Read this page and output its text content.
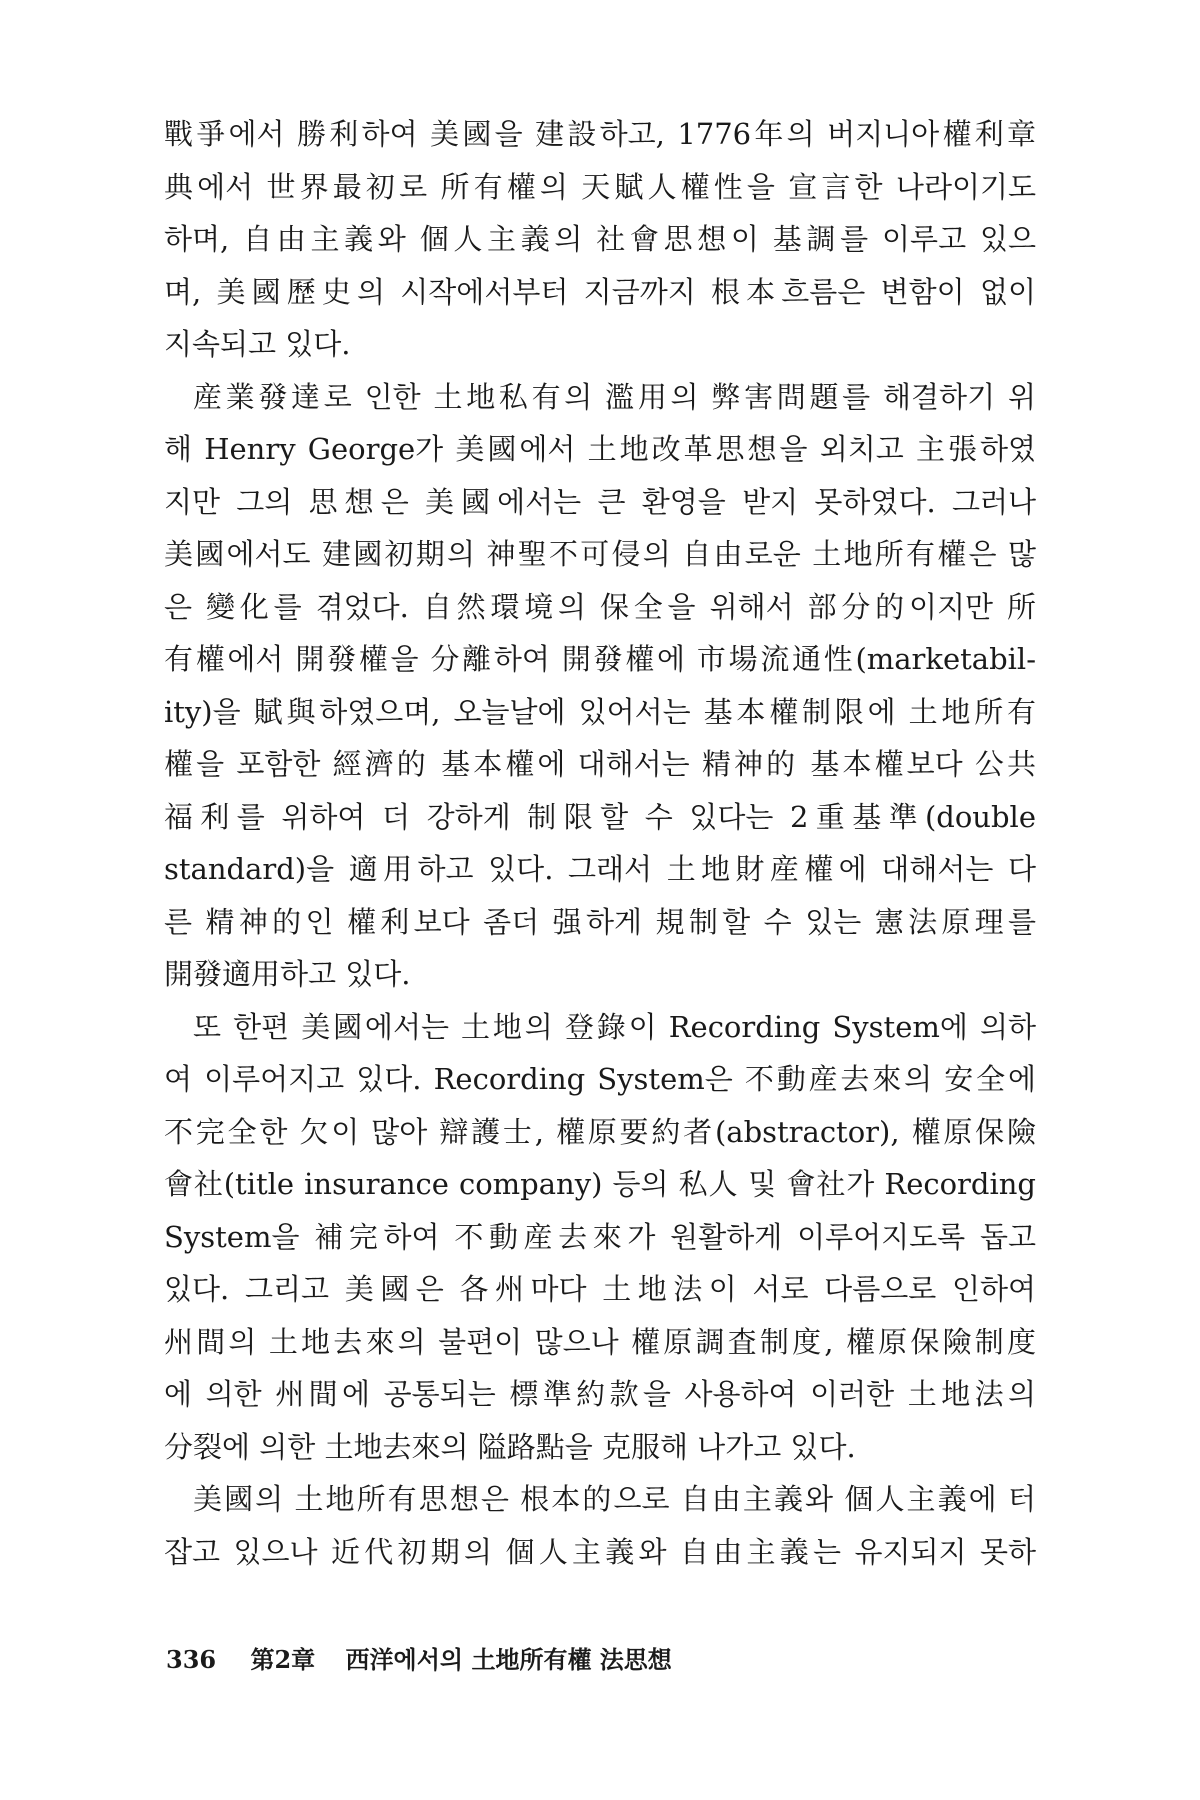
戰爭에서 勝利하여 美國을 建設하고, 1776年의 버지니아權利章
典에서 世界最初로 所有權의 天賦人權性을 宣言한 나라이기도
하며, 自由主義와 個人主義의 社會思想이 基調를 이루고 있으
며, 美國歷史의 시작에서부터 지금까지 根本흐름은 변함이 없이
지속되고 있다.
産業發達로 인한 土地私有의 濫用의 弊害問題를 해결하기 위
해 Henry George가 美國에서 土地改革思想을 외치고 主張하였
지만 그의 思想은 美國에서는 큰 환영을 받지 못하였다. 그러나
美國에서도 建國初期의 神聖不可侵의 自由로운 土地所有權은 많
은 變化를 겪었다. 自然環境의 保全을 위해서 部分的이지만 所
有權에서 開發權을 分離하여 開發權에 市場流通性(marketabil-
ity)을 賦與하였으며, 오늘날에 있어서는 基本權制限에 土地所有
權을 포함한 經濟的 基本權에 대해서는 精神的 基本權보다 公共
福利를 위하여 더 강하게 制限할 수 있다는 2重基準(double
standard)을 適用하고 있다. 그래서 土地財産權에 대해서는 다
른 精神的인 權利보다 좀더 强하게 規制할 수 있는 憲法原理를
開發適用하고 있다.
또 한편 美國에서는 土地의 登錄이 Recording System에 의하
여 이루어지고 있다. Recording System은 不動産去來의 安全에
不完全한 欠이 많아 辯護士, 權原要約者(abstractor), 權原保險
會社(title insurance company) 등의 私人 및 會社가 Recording
System을 補完하여 不動産去來가 원활하게 이루어지도록 돕고
있다. 그리고 美國은 各州마다 土地法이 서로 다름으로 인하여
州間의 土地去來의 불편이 많으나 權原調査制度, 權原保險制度
에 의한 州間에 공통되는 標準約款을 사용하여 이러한 土地法의
分裂에 의한 土地去來의 隘路點을 克服해 나가고 있다.
美國의 土地所有思想은 根本的으로 自由主義와 個人主義에 터
잡고 있으나 近代初期의 個人主義와 自由主義는 유지되지 못하
336 第2章 西洋에서의 土地所有權 法思想
